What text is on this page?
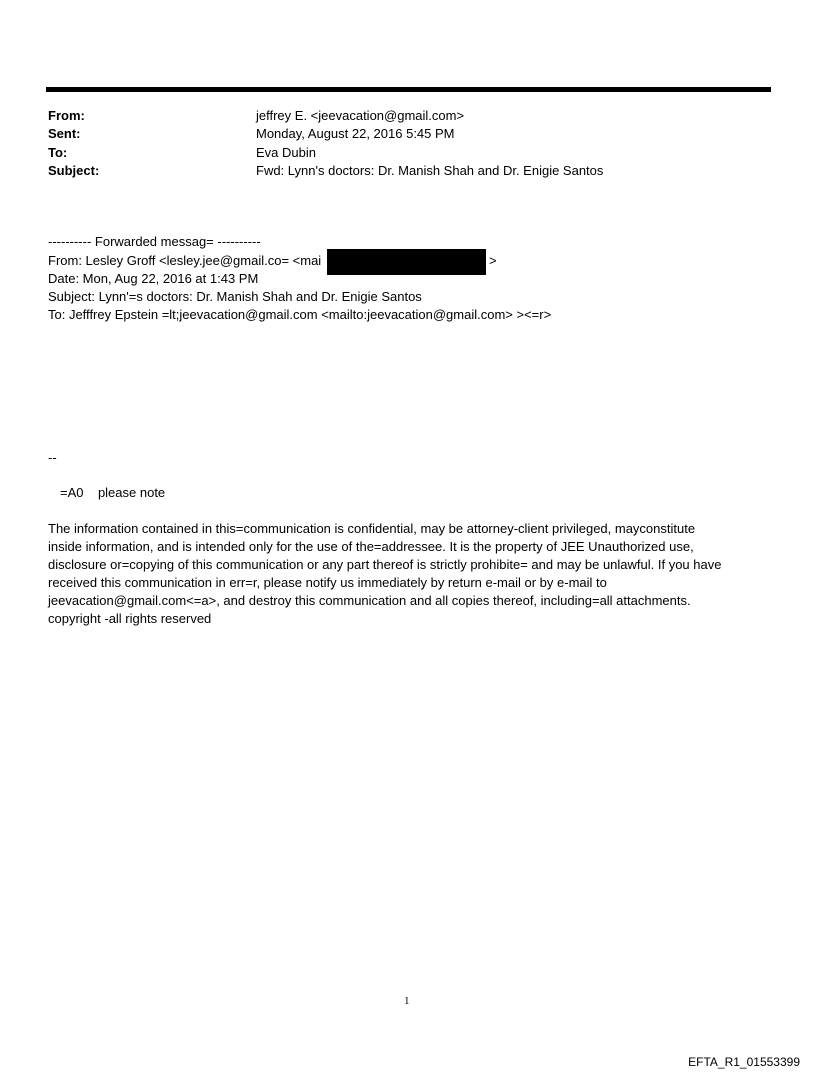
From:	jeffrey E. <jeevacation@gmail.com>
Sent:	Monday, August 22, 2016 5:45 PM
To:	Eva Dubin
Subject:	Fwd: Lynn's doctors: Dr. Manish Shah and Dr. Enigie Santos
---------- Forwarded messag= ----------
From: Lesley Groff <lesley.jee@gmail.co= <mai	>
Date: Mon, Aug 22, 2016 at 1:43 PM
Subject: Lynn'=s doctors: Dr. Manish Shah and Dr. Enigie Santos
To: Jefffrey Epstein =lt;jeevacation@gmail.com <mailto:jeevacation@gmail.com> ><=r>
--
=A0    please note
The information contained in this=communication is confidential, may be attorney-client privileged, mayconstitute
inside information, and is intended only for the use of the=addressee. It is the property of JEE Unauthorized use,
disclosure or=copying of this communication or any part thereof is strictly prohibite= and may be unlawful. If you have
received this communication in err=r, please notify us immediately by return e-mail or by e-mail to
jeevacation@gmail.com<=a>, and destroy this communication and all copies thereof, including=all attachments.
copyright -all rights reserved
1
EFTA_R1_01553399
